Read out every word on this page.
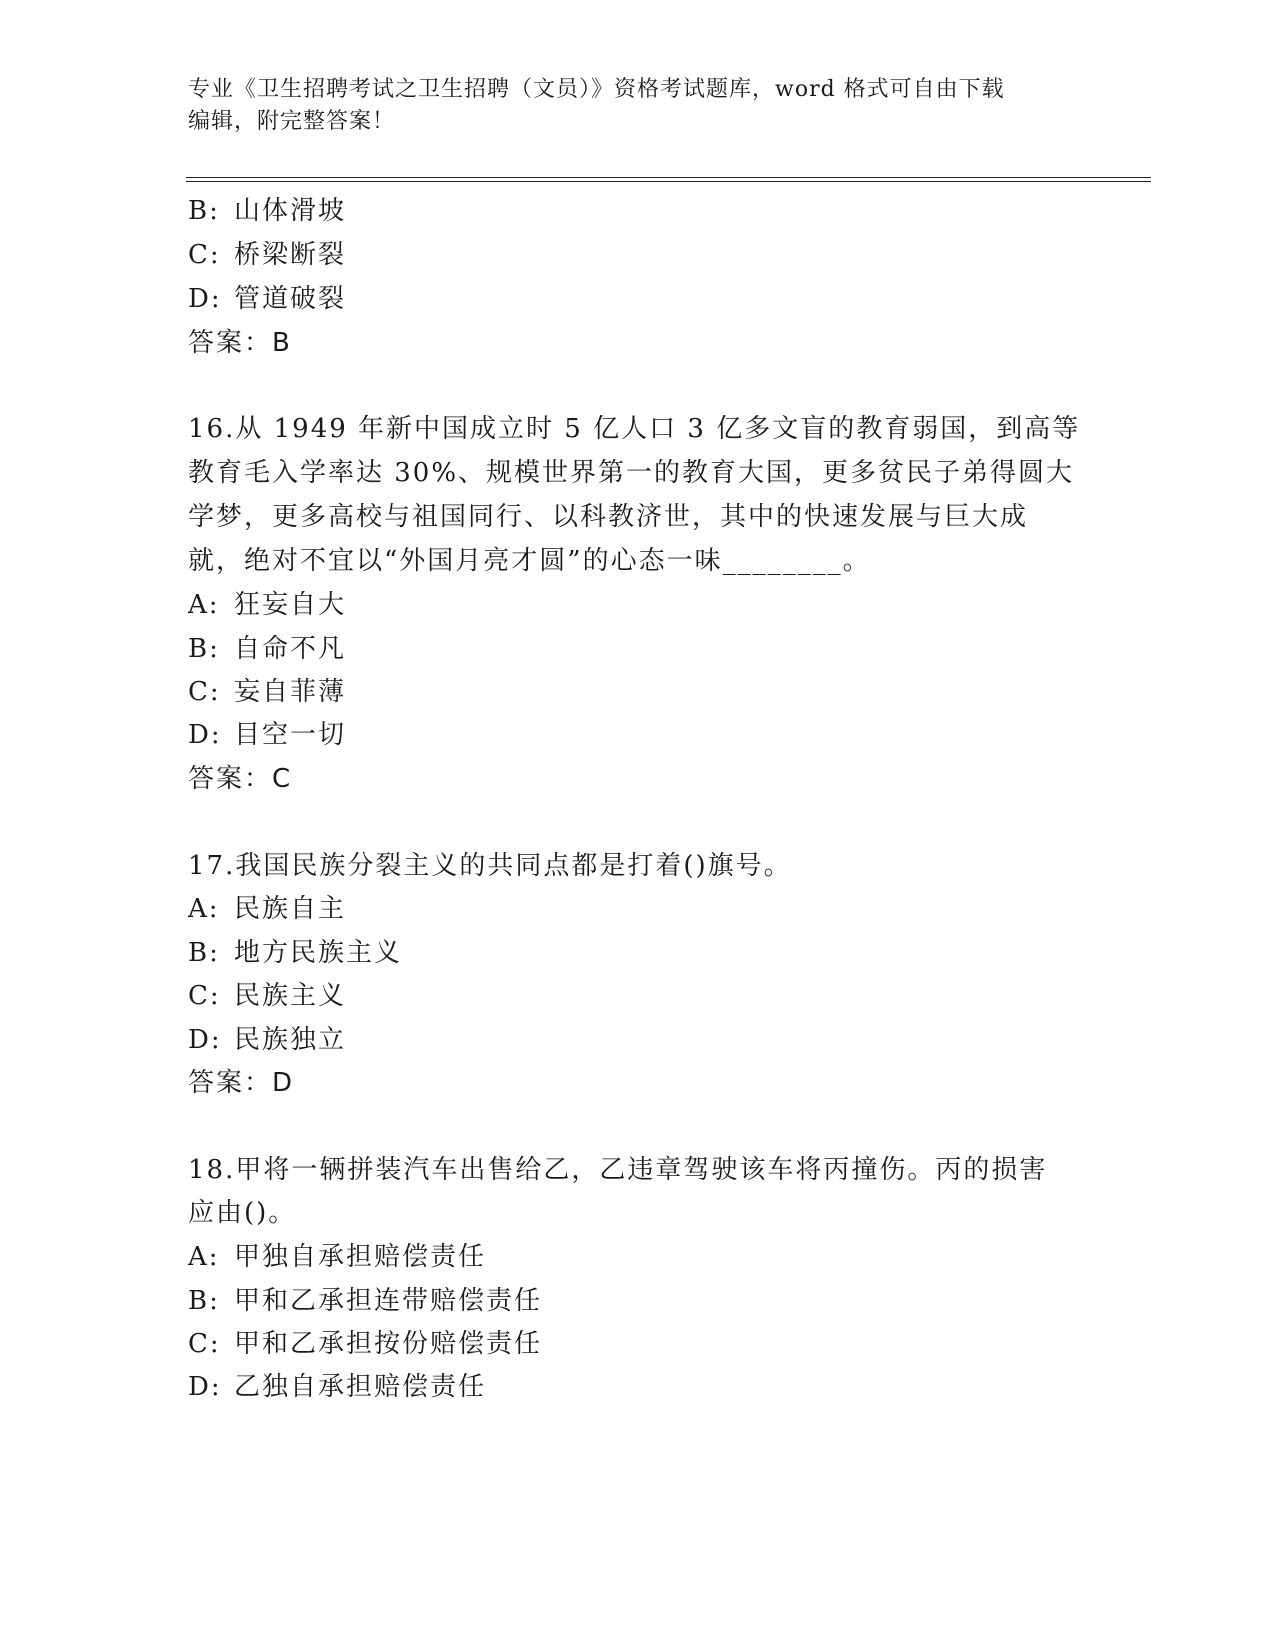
专业《卫生招聘考试之卫生招聘（文员）》资格考试题库，word 格式可自由下载
编辑，附完整答案！
B: 山体滑坡
C: 桥梁断裂
D: 管道破裂
答案：B
16.从 1949 年新中国成立时 5 亿人口 3 亿多文盲的教育弱国，到高等
教育毛入学率达 30%、规模世界第一的教育大国，更多贫民子弟得圆大
学梦，更多高校与祖国同行、以科教济世，其中的快速发展与巨大成
就，绝对不宜以“外国月亮才圆”的心态一味________。
A: 狂妄自大
B: 自命不凡
C: 妄自菲薄
D: 目空一切
答案：C
17.我国民族分裂主义的共同点都是打着()旗号。
A: 民族自主
B: 地方民族主义
C: 民族主义
D: 民族独立
答案：D
18.甲将一辆拼装汽车出售给乙，乙违章驾驶该车将丙撞伤。丙的损害
应由()。
A: 甲独自承担赔偿责任
B: 甲和乙承担连带赔偿责任
C: 甲和乙承担按份赔偿责任
D: 乙独自承担赔偿责任
